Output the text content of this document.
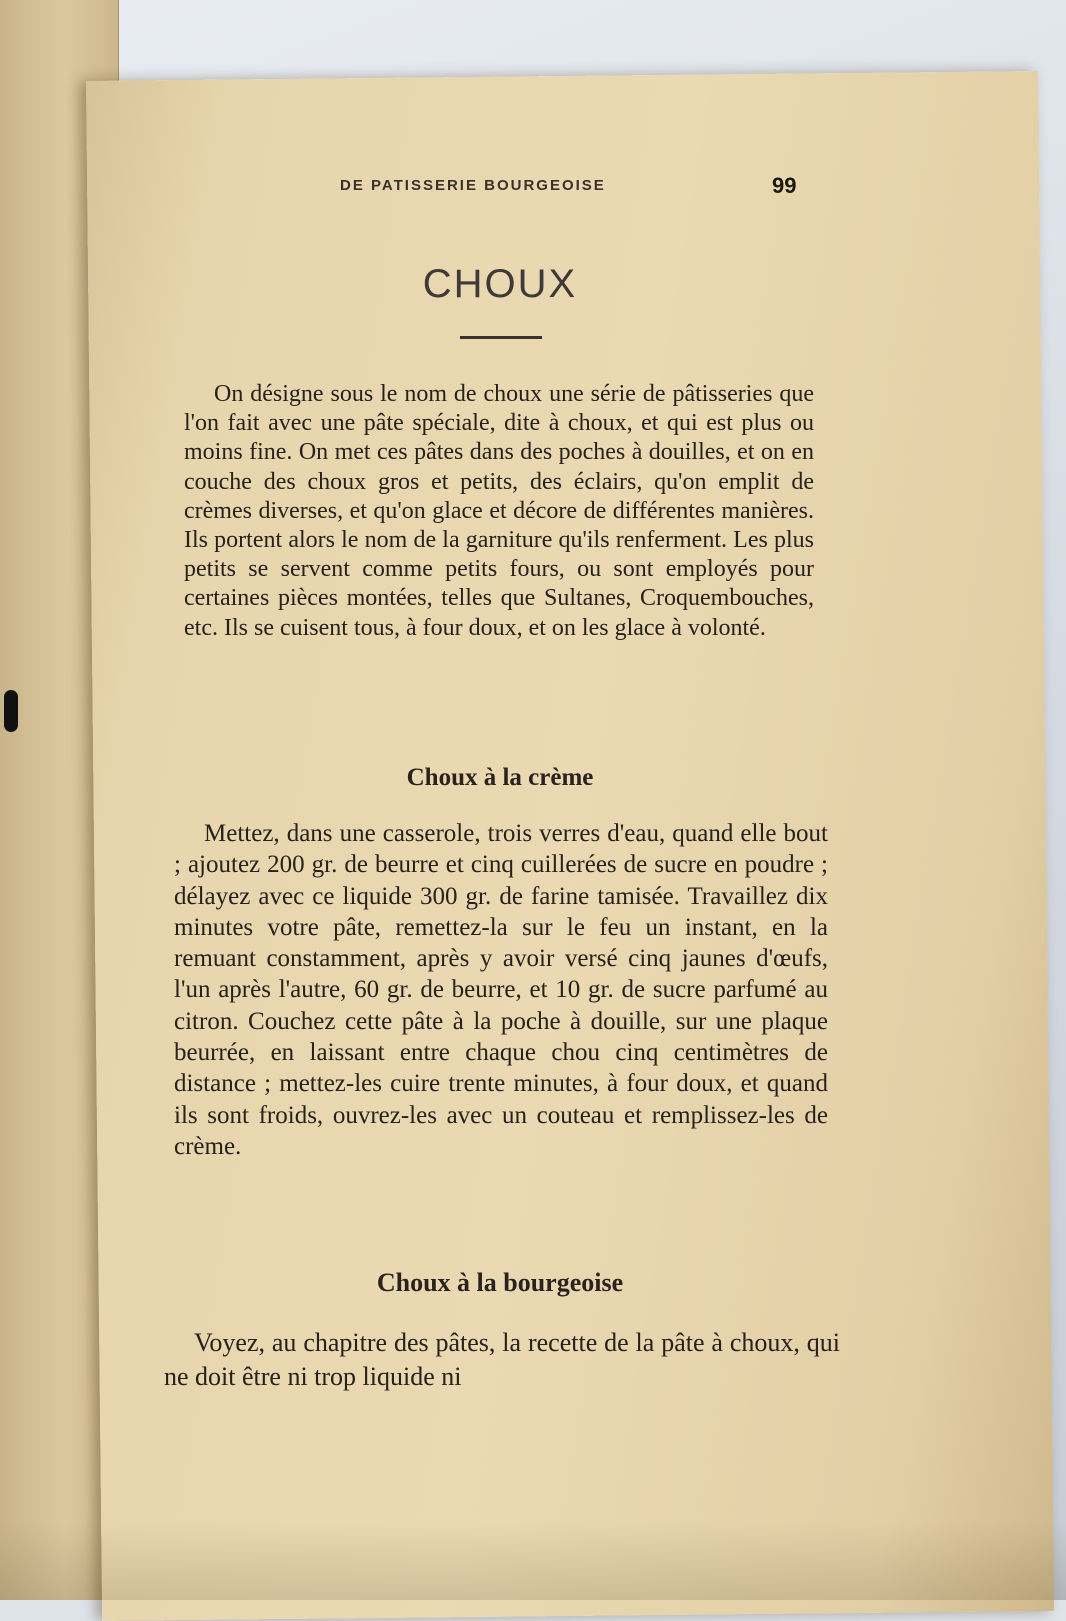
DE PATISSERIE BOURGEOISE	99
CHOUX

On désigne sous le nom de choux une série de pâtisseries que l'on fait avec une pâte spéciale, dite à choux, et qui est plus ou moins fine. On met ces pâtes dans des poches à douilles, et on en couche des choux gros et petits, des éclairs, qu'on emplit de crèmes diverses, et qu'on glace et décore de différentes manières. Ils portent alors le nom de la garniture qu'ils renferment. Les plus petits se servent comme petits fours, ou sont employés pour certaines pièces montées, telles que Sultanes, Croquembouches, etc. Ils se cuisent tous, à four doux, et on les glace à volonté.

Choux à la crème

Mettez, dans une casserole, trois verres d'eau, quand elle bout ; ajoutez 200 gr. de beurre et cinq cuillerées de sucre en poudre ; délayez avec ce liquide 300 gr. de farine tamisée. Travaillez dix minutes votre pâte, remettez-la sur le feu un instant, en la remuant constamment, après y avoir versé cinq jaunes d'œufs, l'un après l'autre, 60 gr. de beurre, et 10 gr. de sucre parfumé au citron. Couchez cette pâte à la poche à douille, sur une plaque beurrée, en laissant entre chaque chou cinq centimètres de distance ; mettez-les cuire trente minutes, à four doux, et quand ils sont froids, ouvrez-les avec un couteau et remplissez-les de crème.

Choux à la bourgeoise

Voyez, au chapitre des pâtes, la recette de la pâte à choux, qui ne doit être ni trop liquide ni
